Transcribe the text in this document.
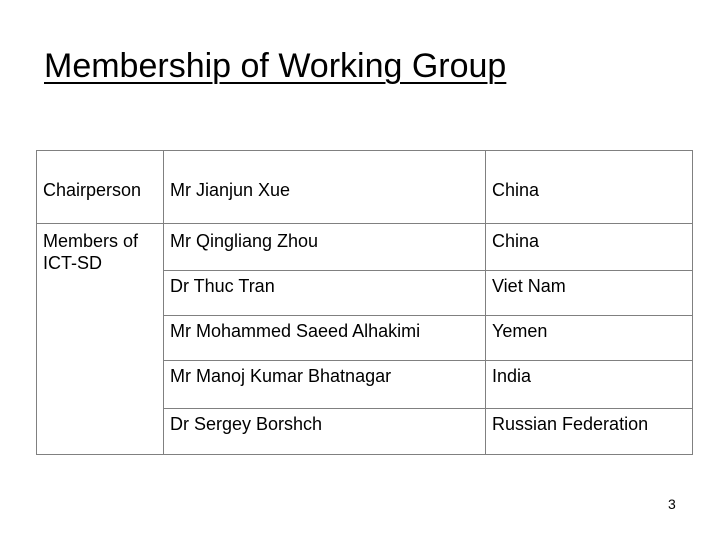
Membership of Working Group
Chairperson	Mr Jianjun Xue	China
Members of ICT-SD	Mr Qingliang Zhou	China
	Dr Thuc Tran	Viet Nam
	Mr Mohammed Saeed Alhakimi	Yemen
	Mr Manoj Kumar Bhatnagar	India
	Dr Sergey Borshch	Russian Federation
3
